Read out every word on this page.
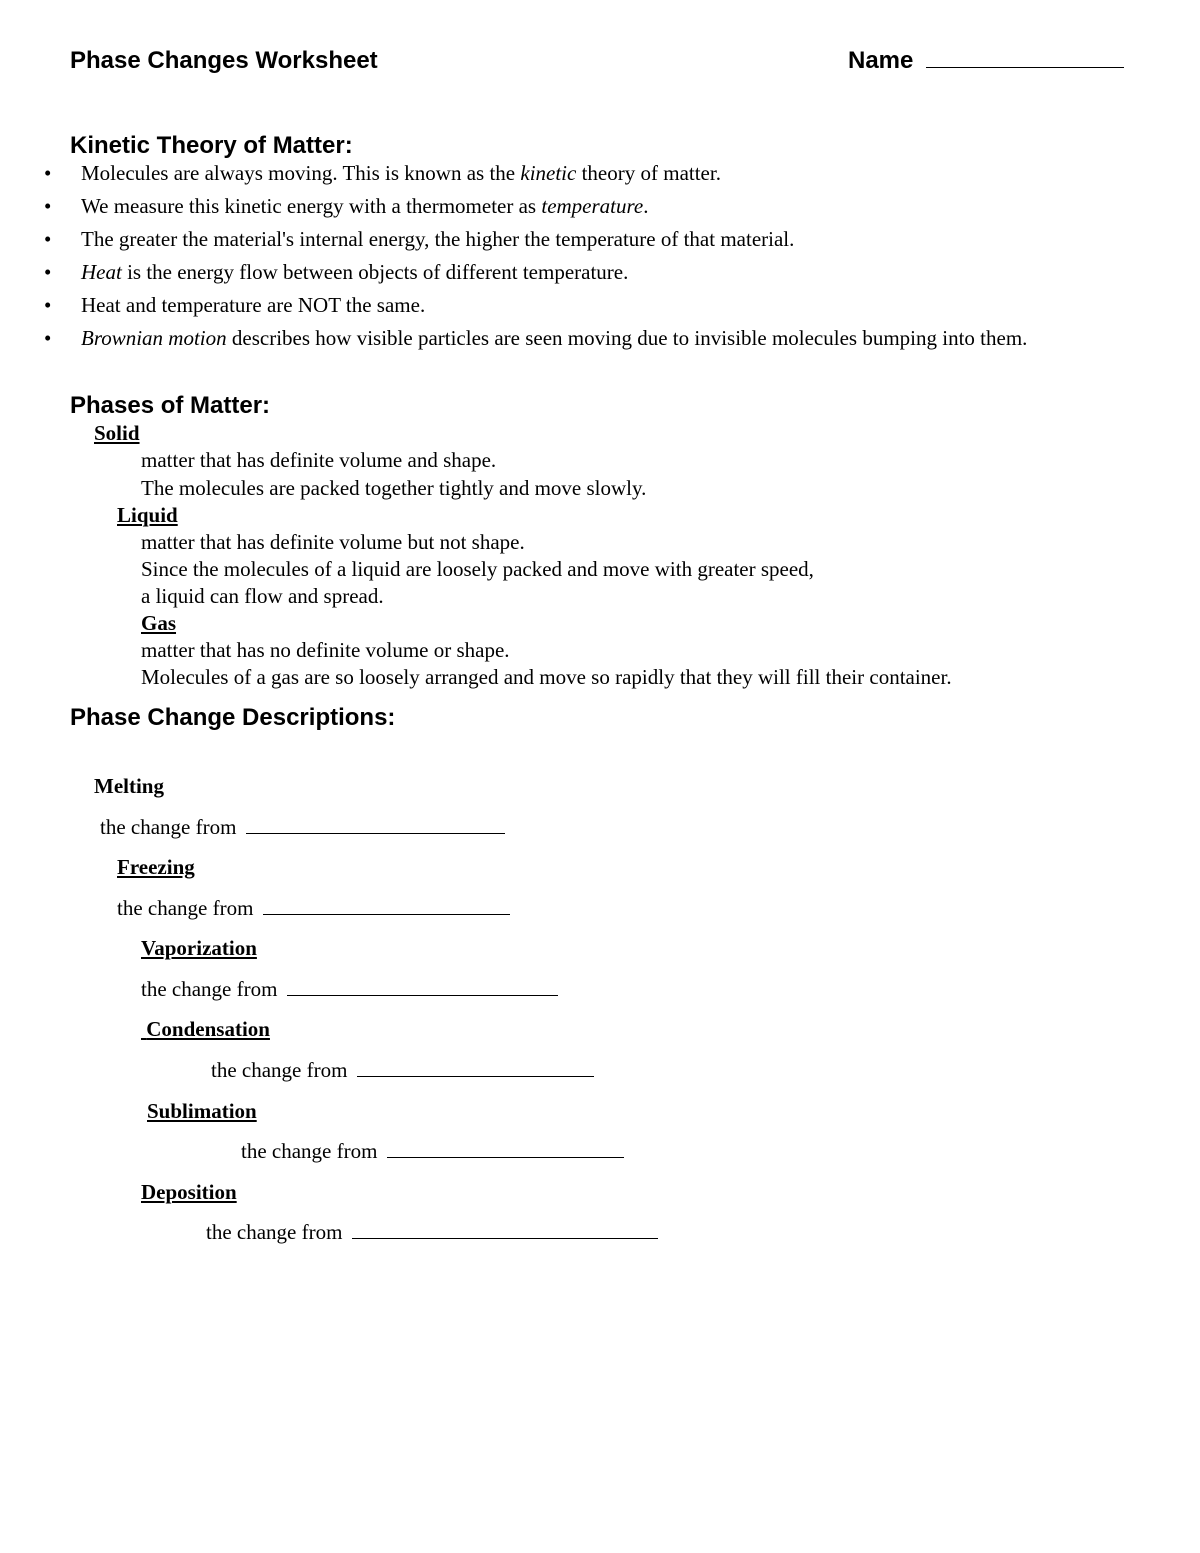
Phase Changes Worksheet	Name
Kinetic Theory of Matter:
• Molecules are always moving. This is known as the kinetic theory of matter.
• We measure this kinetic energy with a thermometer as temperature.
• The greater the material's internal energy, the higher the temperature of that material.
• Heat is the energy flow between objects of different temperature.
• Heat and temperature are NOT the same.
• Brownian motion describes how visible particles are seen moving due to invisible molecules bumping into them.
Phases of Matter:
Solid
matter that has definite volume and shape.
The molecules are packed together tightly and move slowly.
Liquid
matter that has definite volume but not shape.
Since the molecules of a liquid are loosely packed and move with greater speed,
a liquid can flow and spread.
Gas
matter that has no definite volume or shape.
Molecules of a gas are so loosely arranged and move so rapidly that they will fill their container.
Phase Change Descriptions:
Melting
the change from
Freezing
the change from
Vaporization
the change from
Condensation
the change from
Sublimation
the change from
Deposition
the change from
